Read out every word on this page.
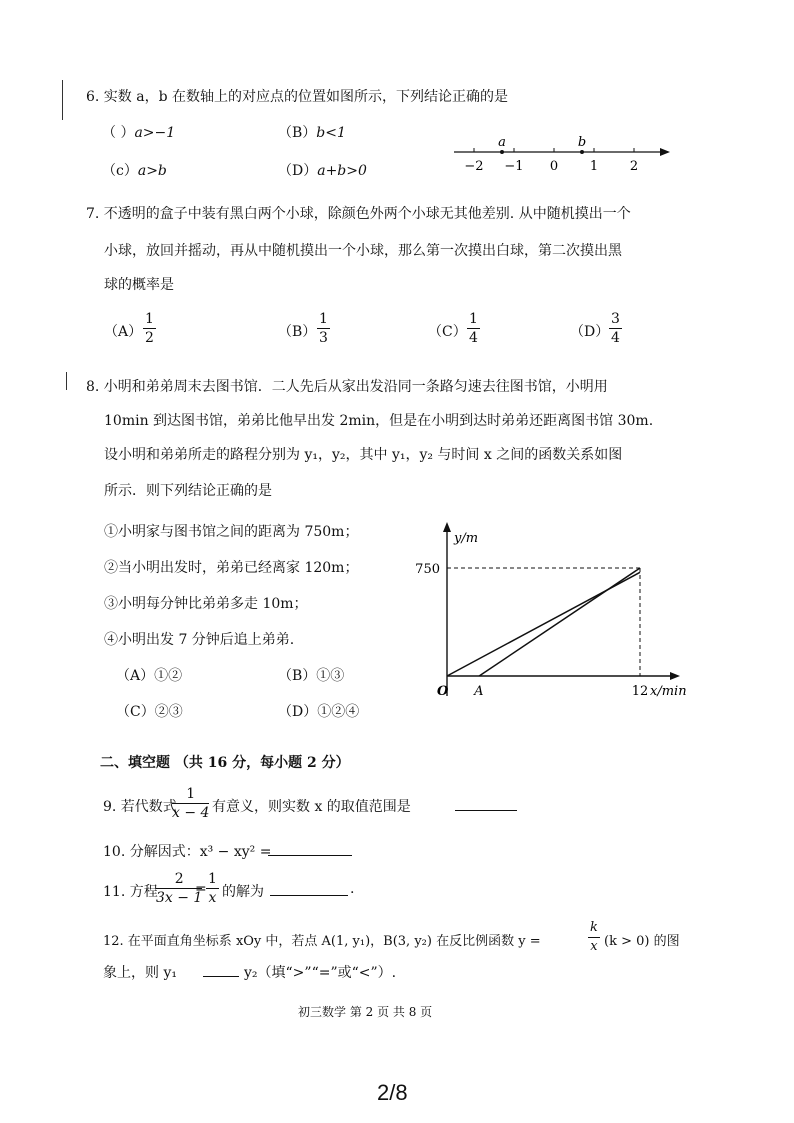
6. 实数 a，b 在数轴上的对应点的位置如图所示，下列结论正确的是
（ ）a>−1	（B）b<1
（ⅽ）a>b	（D）a+b>0	−2 −1 0 1 2
a	b
7. 不透明的盒子中装有黑白两个小球，除颜色外两个小球无其他差别. 从中随机摸出一个
小球，放回并摇动，再从中随机摸出一个小球，那么第一次摸出白球，第二次摸出黑
球的概率是
$(A) \frac{1}{2}$	$(B) \frac{1}{3}$	$(C) \frac{1}{4}$	$(D) \frac{3}{4}$
8. 小明和弟弟周末去图书馆．二人先后从家出发沿同一条路匀速去往图书馆，小明用
10min 到达图书馆，弟弟比他早出发 2min，但是在小明到达时弟弟还距离图书馆 30m.
设小明和弟弟所走的路程分别为 y₁，y₂，其中 y₁，y₂ 与时间 x 之间的函数关系如图
所示．则下列结论正确的是
①小明家与图书馆之间的距离为 750m；
②当小明出发时，弟弟已经离家 120m；
③小明每分钟比弟弟多走 10m；
④小明出发 7 分钟后追上弟弟.
（A）①②	（B）①③
（C）②③	（D）①②④
y/m
750
O A	12 x/min
二、填空题 （共 16 分，每小题 2 分）
9. 若代数式
$\frac{1}{x - 4}$ 有意义，则实数 x 的取值范围是
10. 分解因式：x³ − xy² =
11. 方程
$\frac{2}{3x - 1}$
= $\frac{1}{x}$ 的解为	.
12. 在平面直角坐标系 xOy 中，若点 A(1, y₁)，B(3, y₂) 在反比例函数 y =	$\frac{k}{x} (k > 0)$ 的图
象上，则 y₁	y₂（填“>”“=”或“<”）.
初三数学 第 2 页 共 8 页
2/8
